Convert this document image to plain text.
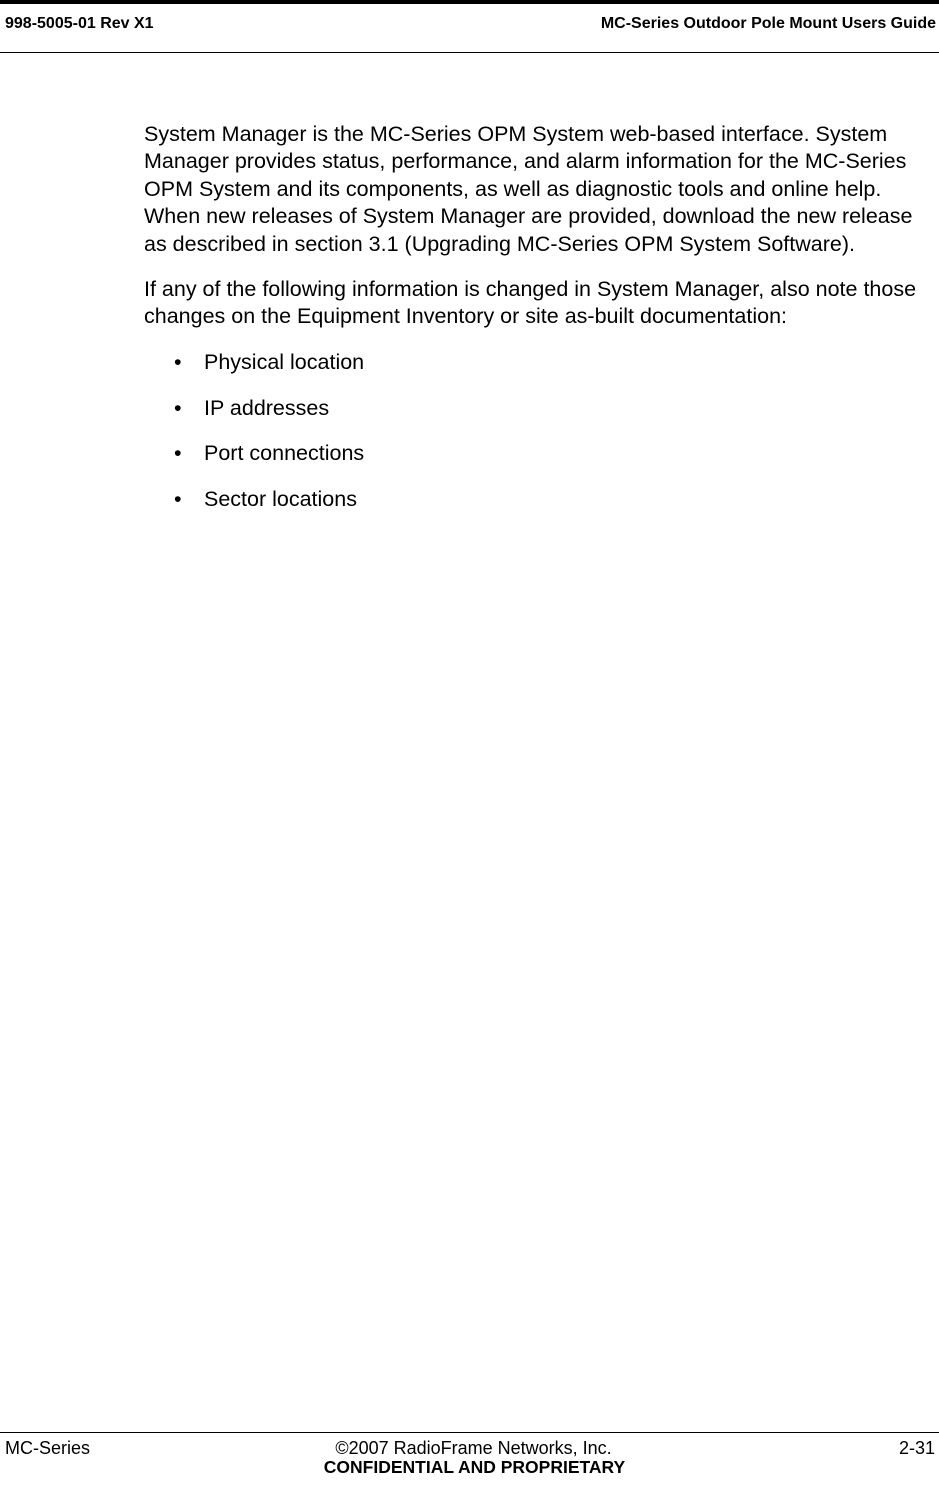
998-5005-01 Rev X1	MC-Series Outdoor Pole Mount Users Guide

System Manager is the MC-Series OPM System web-based interface. System Manager provides status, performance, and alarm information for the MC-Series OPM System and its components, as well as diagnostic tools and online help. When new releases of System Manager are provided, download the new release as described in section 3.1 (Upgrading MC-Series OPM System Software).

If any of the following information is changed in System Manager, also note those changes on the Equipment Inventory or site as-built documentation:

• Physical location
• IP addresses
• Port connections
• Sector locations
MC-Series	©2007 RadioFrame Networks, Inc.	2-31
CONFIDENTIAL AND PROPRIETARY
